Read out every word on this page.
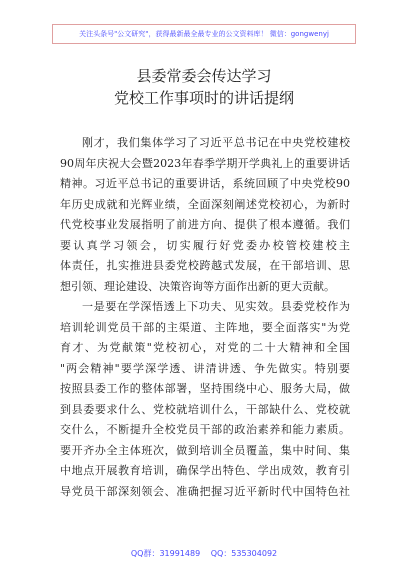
关注头条号"公文研究"，获得最新最全最专业的公文资料库！ 微信：gongwenyj
县委常委会传达学习
党校工作事项时的讲话提纲
刚才，我们集体学习了习近平总书记在中央党校建校
90周年庆祝大会暨2023年春季学期开学典礼上的重要讲话
精神。习近平总书记的重要讲话，系统回顾了中央党校90
年历史成就和光辉业绩，全面深刻阐述党校初心，为新时
代党校事业发展指明了前进方向、提供了根本遵循。我们
要认真学习领会，切实履行好党委办校管校建校主
体责任，扎实推进县委党校跨越式发展，在干部培训、思
想引领、理论建设、决策咨询等方面作出新的更大贡献。
一是要在学深悟透上下功夫、见实效。县委党校作为
培训轮训党员干部的主渠道、主阵地，要全面落实"为党
育才、为党献策"党校初心，对党的二十大精神和全国
"两会精神"要学深学透、讲清讲透、争先做实。特别要
按照县委工作的整体部署，坚持围绕中心、服务大局，做
到县委要求什么、党校就培训什么，干部缺什么、党校就
交什么，不断提升全校党员干部的政治素养和能力素质。
要开齐办全主体班次，做到培训全员覆盖，集中时间、集
中地点开展教育培训，确保学出特色、学出成效，教育引
导党员干部深刻领会、准确把握习近平新时代中国特色社
QQ群：31991489 QQ：535304092
